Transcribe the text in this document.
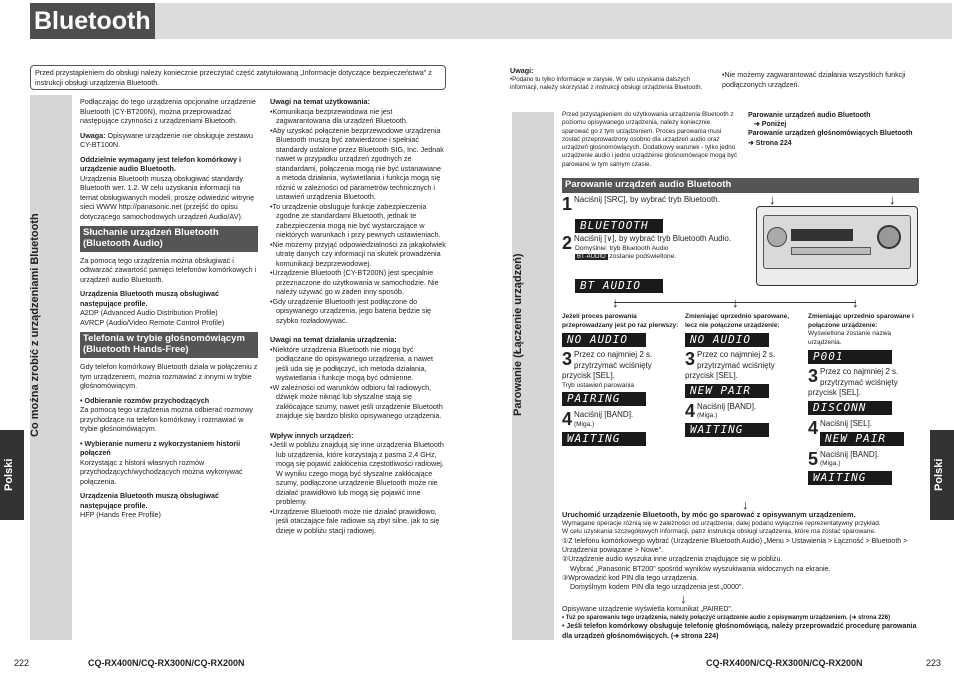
Bluetooth
Przed przystąpieniem do obsługi należy koniecznie przeczytać część zatytułowaną „Informacje dotyczące bezpieczeństwa" z instrukcji obsługi urządzenia Bluetooth.
Co można zrobić z urządzeniami Bluetooth
Polski

Podłączając do tego urządzenia opcjonalne urządzenie Bluetooth (CY-BT200N), można przeprowadzać następujące czynności z urządzeniami Bluetooth.

Uwaga: Opisywane urządzenie nie obsługuje zestawu CY-BT100N.

Oddzielnie wymagany jest telefon komórkowy i urządzenie audio Bluetooth.

Urządzenia Bluetooth muszą obsługiwać standardy Bluetooth wer. 1.2. W celu uzyskania informacji na temat obsługiwanych modeli, proszę odwiedzić witrynę sieci WWW http://panasonic.net (przejść do opisu dotyczącego samochodowych urządzeń Audio/AV).

Słuchanie urządzeń Bluetooth (Bluetooth Audio)

Za pomocą tego urządzenia można obsługiwać i odtwarzać zawartość pamięci telefonów komórkowych i urządzeń audio Bluetooth.

Urządzenia Bluetooth muszą obsługiwać następujące profile.

A2DP (Advanced Audio Distribution Profile)

AVRCP (Audio/Video Remote Control Profile)

Telefonia w trybie głośnomówiącym (Bluetooth Hands-Free)

Gdy telefon komórkowy Bluetooth działa w połączeniu z tym urządzeniem, można rozmawiać z innymi w trybie głośnomówiącym.

• Odbieranie rozmów przychodzących

Za pomocą tego urządzenia można odbierać rozmowy przychodzące na telefon komórkowy i rozmawiać w trybie głośnomówiącym.

• Wybieranie numeru z wykorzystaniem historii połączeń

Korzystając z historii własnych rozmów przychodzących/wychodzących można wykonywać połączenia.

Urządzenia Bluetooth muszą obsługiwać następujące profile.

HFP (Hands Free Profile)

Uwagi na temat użytkowania:
•Komunikacja bezprzewodowa nie jest zagwarantowana dla urządzeń Bluetooth.
•Aby uzyskać połączenie bezprzewodowe urządzenia Bluetooth muszą być zatwierdzone i spełniać standardy ustalone przez Bluetooth SIG, Inc. Jednak nawet w przypadku urządzeń zgodnych ze standardami, połączenia mogą nie być ustanawiane a metoda działania, wyświetlania i funkcja mogą się różnić w zależności od parametrów technicznych i ustawień urządzenia Bluetooth.
•To urządzenie obsługuje funkcje zabezpieczenia zgodne ze standardami Bluetooth, jednak te zabezpieczenia mogą nie być wystarczające w niektórych warunkach i przy pewnych ustawieniach.
•Nie możemy przyjąć odpowiedzialności za jakąkolwiek utratę danych czy informacji na skutek prowadzenia komunikacji bezprzewodowej.
•Urządzenie Bluetooth (CY-BT200N) jest specjalnie przeznaczone do użytkowania w samochodzie. Nie należy używać go w żaden inny sposób.
•Gdy urządzenie Bluetooth jest podłączone do opisywanego urządzenia, jego bateria będzie się szybko rozładowywać.
Uwagi na temat działania urządzenia:
•Niektóre urządzenia Bluetooth nie mogą być podłączane do opisywanego urządzenia, a nawet jeśli uda się je podłączyć, ich metoda działania, wyświetlania i funkcje mogą być odmienne.
•W zależności od warunków odbioru fal radiowych, dźwięk może niknąć lub słyszalne stają się zakłócające szumy, nawet jeśli urządzenie Bluetooth znajduje się bardzo blisko opisywanego urządzenia.
Wpływ innych urządzeń:
•Jeśli w pobliżu znajdują się inne urządzenia Bluetooth lub urządzenia, które korzystają z pasma 2,4 GHz, mogą się pojawić zakłócenia częstotliwości radiowej. W wyniku czego mogą być słyszalne zakłócające szumy, podłączone urządzenie Bluetooth może nie działać prawidłowo lub mogą się pojawić inne problemy.
•Urządzenie Bluetooth może nie działać prawidłowo, jeśli otaczające fale radiowe są zbyt silne, jak to się dzieje w pobliżu stacji radiowej.
222	CQ-RX400N/CQ-RX300N/CQ-RX200N
Uwagi:
•Podano tu tylko informacje w zarysie. W celu uzyskania dalszych informacji, należy skorzystać z instrukcji obsługi urządzenia Bluetooth.
•Nie możemy zagwarantować działania wszystkich funkcji podłączonych urządzeń.
Parowanie (Łączenie urządzeń)
Polski
Przed przystąpieniem do użytkowania urządzenia Bluetooth z poziomu opisywanego urządzenia, należy koniecznie sparować go z tym urządzeniem. Proces parowania musi zostać przeprowadzony osobno dla urządzeń audio oraz urządzeń głośnomówiących. Dodatkowy warunek - tylko jedno urządzenie audio i jedno urządzenie głośnomówiące mogą być parowane w tym samym czasie.
Parowanie urządzeń audio Bluetooth
➜ Poniżej
Parowanie urządzeń głośnomówiących Bluetooth ➜ Strona 224
Parowanie urządzeń audio Bluetooth
1 Naciśnij [SRC], by wybrać tryb Bluetooth.
BLUETOOTH
2 Naciśnij [∨], by wybrać tryb Bluetooth Audio.
Domyślnie: tryb Bluetooth Audio
BT·AUDIO zostanie podświetlone.
BT AUDIO
↓	↓
↓	↓	↓
Jeżeli proces parowania przeprowadzany jest po raz pierwszy:
NO AUDIO
3 Przez co najmniej 2 s. przytrzymać wciśnięty przycisk [SEL].
Tryb ustawień parowania
PAIRING
4 Naciśnij [BAND].
(Miga.)
WAITING
Zmieniając uprzednio sparowane, lecz nie połączone urządzenie:
NO AUDIO
3 Przez co najmniej 2 s. przytrzymać wciśnięty przycisk [SEL].
NEW PAIR
4 Naciśnij [BAND].
(Miga.)
WAITING
Zmieniając uprzednio sparowane i połączone urządzenie:
Wyświetlona zostanie nazwa urządzenia.
P001
3 Przez co najmniej 2 s. przytrzymać wciśnięty przycisk [SEL].
DISCONN
4 Naciśnij [SEL].
NEW PAIR
5 Naciśnij [BAND].
(Miga.)
WAITING
↓
Uruchomić urządzenie Bluetooth, by móc go sparować z opisywanym urządzeniem.
Wymagane operacje różnią się w zależności od urządzenia; dalej podano wyłącznie reprezentatywny przykład.
W celu uzyskania szczegółowych informacji, patrz instrukcja obsługi urządzenia, które ma zostać sparowane.
①Z telefonu komórkowego wybrać (Urządzenie Bluetooth Audio) „Menu > Ustawienia > Łączność > Bluetooth > Urządzenia powiązane > Nowe".
②Urządzenie audio wyszuka inne urządzenia znajdujące się w pobliżu.
Wybrać „Panasonic BT200" spośród wyników wyszukiwania widocznych na ekranie.
③Wprowadzić kod PIN dla tego urządzenia.
Domyślnym kodem PIN dla tego urządzenia jest „0000".
↓
Opisywane urządzenie wyświetla komunikat „PAIRED".
• Tuż po sparowaniu tego urządzenia, należy połączyć urządzenie audio z opisywanym urządzeniem. (➜ strona 226)
• Jeśli telefon komórkowy obsługuje telefonię głośnomówiącą, należy przeprowadzić procedurę parowania dla urządzeń głośnomówiących. (➜ strona 224)
CQ-RX400N/CQ-RX300N/CQ-RX200N	223
